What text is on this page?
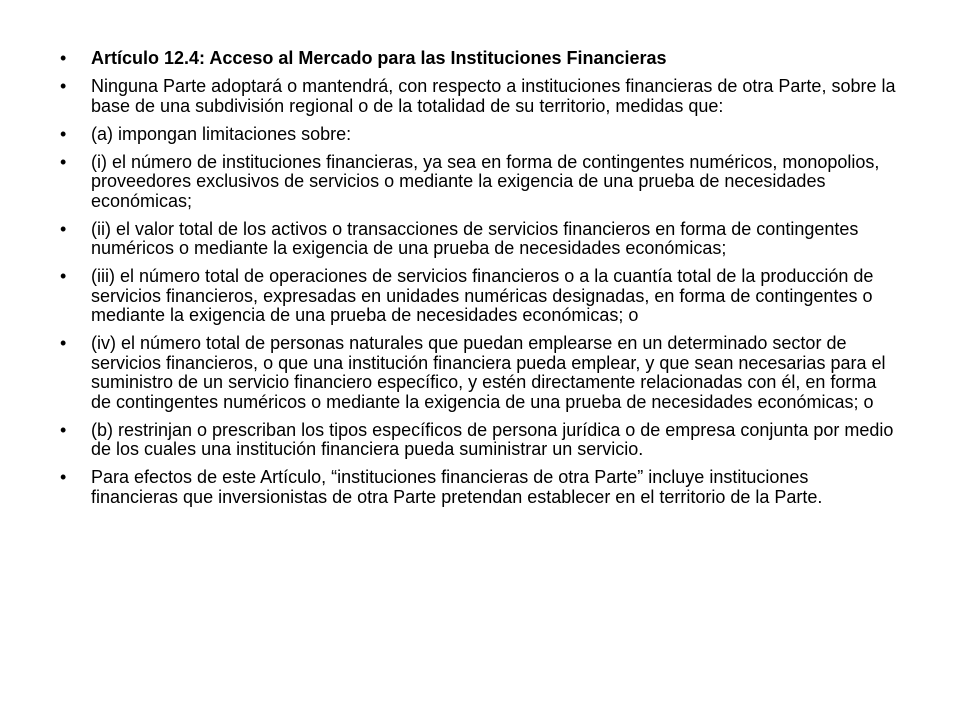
•	Artículo 12.4: Acceso al Mercado para las Instituciones Financieras
•	Ninguna Parte adoptará o mantendrá, con respecto a instituciones financieras de otra Parte, sobre la base de una subdivisión regional o de la totalidad de su territorio, medidas que:
•	(a) impongan limitaciones sobre:
•	(i) el número de instituciones financieras, ya sea en forma de contingentes numéricos, monopolios, proveedores exclusivos de servicios o mediante la exigencia de una prueba de necesidades económicas;
•	(ii) el valor total de los activos o transacciones de servicios financieros en forma de contingentes numéricos o mediante la exigencia de una prueba de necesidades económicas;
•	(iii) el número total de operaciones de servicios financieros o a la cuantía total de la producción de servicios financieros, expresadas en unidades numéricas designadas, en forma de contingentes o mediante la exigencia de una prueba de necesidades económicas; o
•	(iv) el número total de personas naturales que puedan emplearse en un determinado sector de servicios financieros, o que una institución financiera pueda emplear, y que sean necesarias para el suministro de un servicio financiero específico, y estén directamente relacionadas con él, en forma de contingentes numéricos o mediante la exigencia de una prueba de necesidades económicas; o
•	(b) restrinjan o prescriban los tipos específicos de persona jurídica o de empresa conjunta por medio de los cuales una institución financiera pueda suministrar un servicio.
•	Para efectos de este Artículo, “instituciones financieras de otra Parte” incluye instituciones financieras que inversionistas de otra Parte pretendan establecer en el territorio de la Parte.
